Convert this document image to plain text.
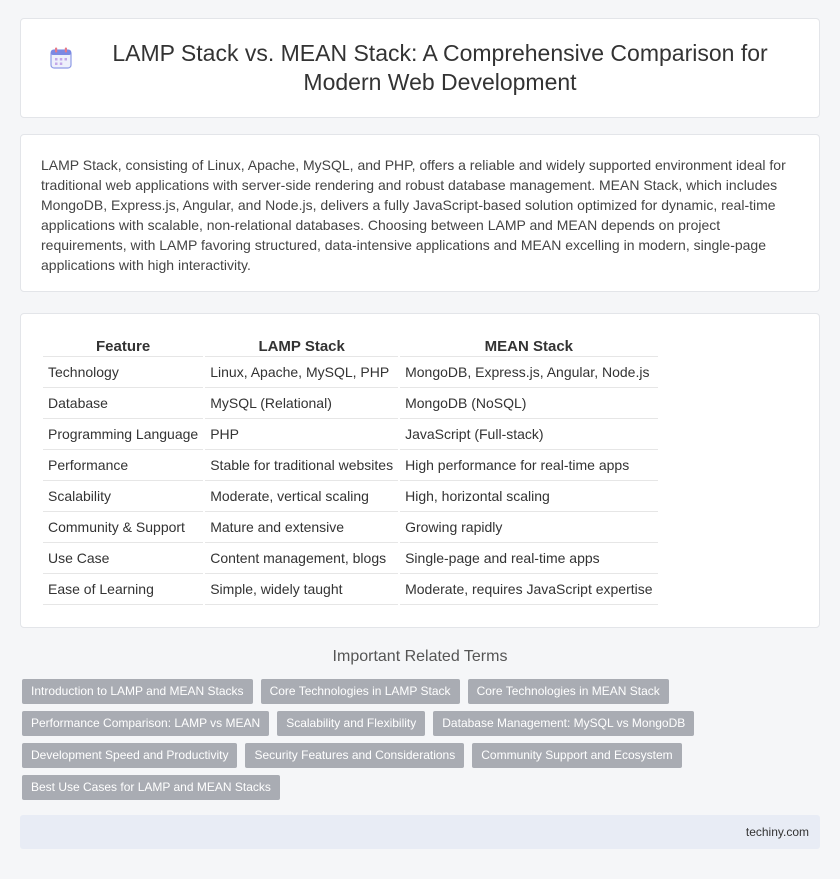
LAMP Stack vs. MEAN Stack: A Comprehensive Comparison for Modern Web Development

LAMP Stack, consisting of Linux, Apache, MySQL, and PHP, offers a reliable and widely supported environment ideal for traditional web applications with server-side rendering and robust database management. MEAN Stack, which includes MongoDB, Express.js, Angular, and Node.js, delivers a fully JavaScript-based solution optimized for dynamic, real-time applications with scalable, non-relational databases. Choosing between LAMP and MEAN depends on project requirements, with LAMP favoring structured, data-intensive applications and MEAN excelling in modern, single-page applications with high interactivity.

Feature	LAMP Stack	MEAN Stack
Technology	Linux, Apache, MySQL, PHP	MongoDB, Express.js, Angular, Node.js
Database	MySQL (Relational)	MongoDB (NoSQL)
Programming Language	PHP	JavaScript (Full-stack)
Performance	Stable for traditional websites	High performance for real-time apps
Scalability	Moderate, vertical scaling	High, horizontal scaling
Community & Support	Mature and extensive	Growing rapidly
Use Case	Content management, blogs	Single-page and real-time apps
Ease of Learning	Simple, widely taught	Moderate, requires JavaScript expertise
Important Related Terms
Introduction to LAMP and MEAN Stacks	Core Technologies in LAMP Stack	Core Technologies in MEAN Stack
Performance Comparison: LAMP vs MEAN	Scalability and Flexibility	Database Management: MySQL vs MongoDB
Development Speed and Productivity	Security Features and Considerations	Community Support and Ecosystem
Best Use Cases for LAMP and MEAN Stacks
techiny.com
